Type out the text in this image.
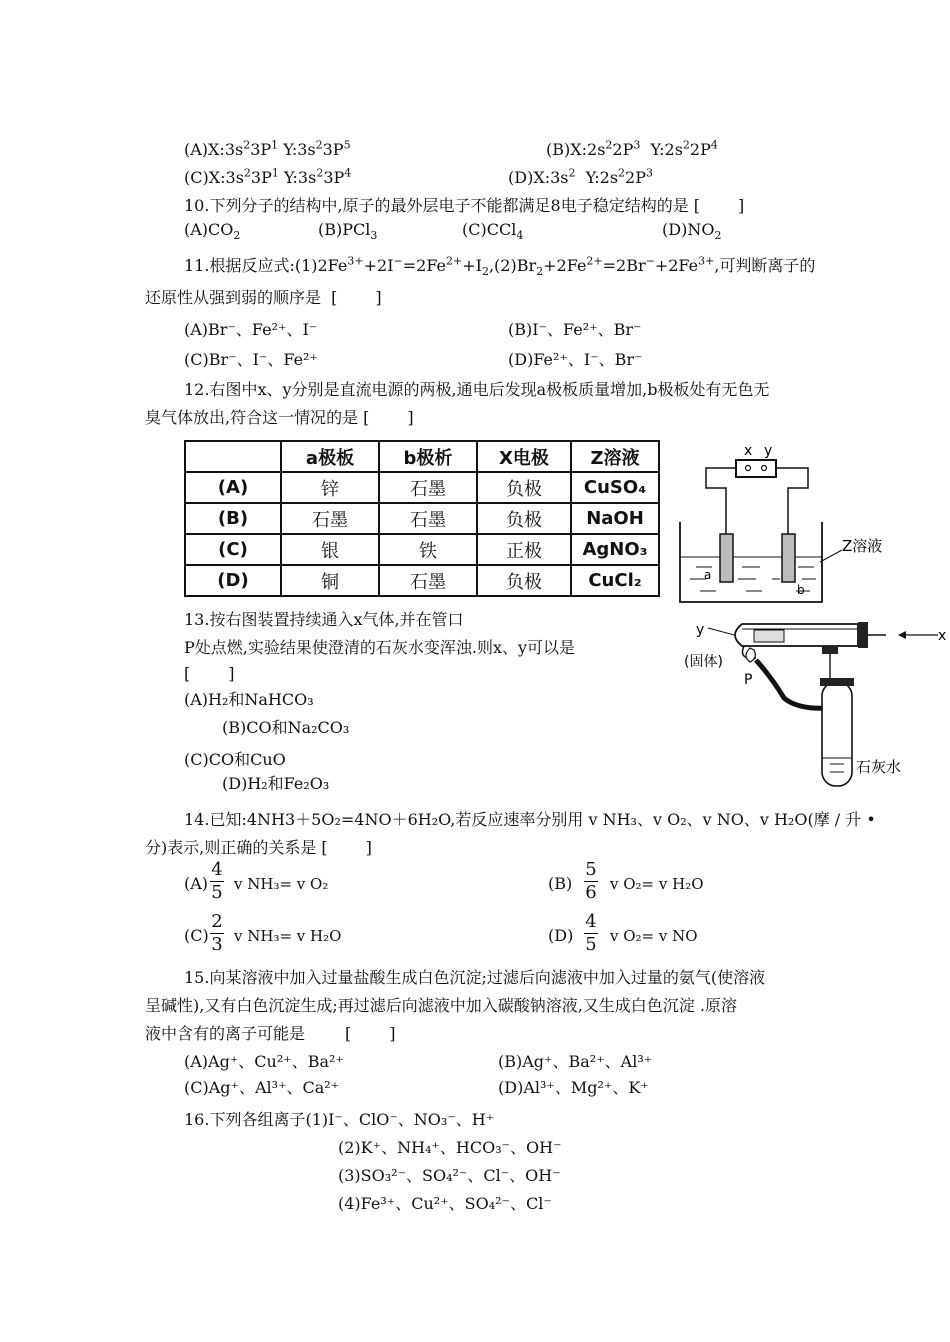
$(A)X:3s^23P^1$ $Y:3s^23P^5$	$(B)X:2s^22P^3$  $Y:2s^22P^4$
$(C)X:3s^23P^1$ $Y:3s^23P^4$	$(D)X:3s^2$  $Y:2s^22P^3$
10.下列分子的结构中,原子的最外层电子不能都满足8电子稳定结构的是 [ ]
$(A)CO_2$	(B)PCl$_3$	(C)CCl$_4$	$(D)NO_2$
11.根据反应式$:(1)2Fe^{3+}+2I^-=2Fe^{2+}+I_2,(2)Br_2+2Fe^{2+}=2Br^-+2Fe^{3+}$,可判断离子的
还原性从强到弱的顺序是  [ ]
(A)Br⁻、Fe²⁺、I⁻	(B)I⁻、Fe²⁺、Br⁻
(C)Br⁻、I⁻、Fe²⁺	(D)Fe²⁺、I⁻、Br⁻
12.右图中x、y分别是直流电源的两极,通电后发现a极板质量增加,b极板处有无色无
臭气体放出,符合这一情况的是 [ ]
	a极板	b极析	X电极	Z溶液
(A)	锌	石墨	负极	CuSO₄
(B)	石墨	石墨	负极	NaOH
(C)	银	铁	正极	AgNO₃
(D)	铜	石墨	负极	CuCl₂
x y
a
b
Z溶液
13.按右图装置持续通入x气体,并在管口
P处点燃,实验结果使澄清的石灰水变浑浊.则x、y可以是
[ ]
(A)H₂和NaHCO₃
(B)CO和Na₂CO₃
(C)CO和CuO
(D)H₂和Fe₂O₃
y	x
(固体)
P
石灰水
14.已知:4NH3＋5O₂=4NO＋6H₂O,若反应速率分别用 v NH₃、v O₂、v NO、v H₂O(摩 / 升 •
分)表示,则正确的关系是 [ ]
(A)
4
5 v NH₃= v O₂	(B)
5
6 v O₂= v H₂O
(C)
2
3 v NH₃= v H₂O	(D)
4
5 v O₂= v NO
15.向某溶液中加入过量盐酸生成白色沉淀;过滤后向滤液中加入过量的氨气(使溶液
呈碱性),又有白色沉淀生成;再过滤后向滤液中加入碳酸钠溶液,又生成白色沉淀 .原溶
液中含有的离子可能是	[ ]
(A)Ag⁺、Cu²⁺、Ba²⁺	(B)Ag⁺、Ba²⁺、Al³⁺
(C)Ag⁺、Al³⁺、Ca²⁺	(D)Al³⁺、Mg²⁺、K⁺
16.下列各组离子(1)I⁻、ClO⁻、NO₃⁻、H⁺
(2)K⁺、NH₄⁺、HCO₃⁻、OH⁻
(3)SO₃²⁻、SO₄²⁻、Cl⁻、OH⁻
(4)Fe³⁺、Cu²⁺、SO₄²⁻、Cl⁻
